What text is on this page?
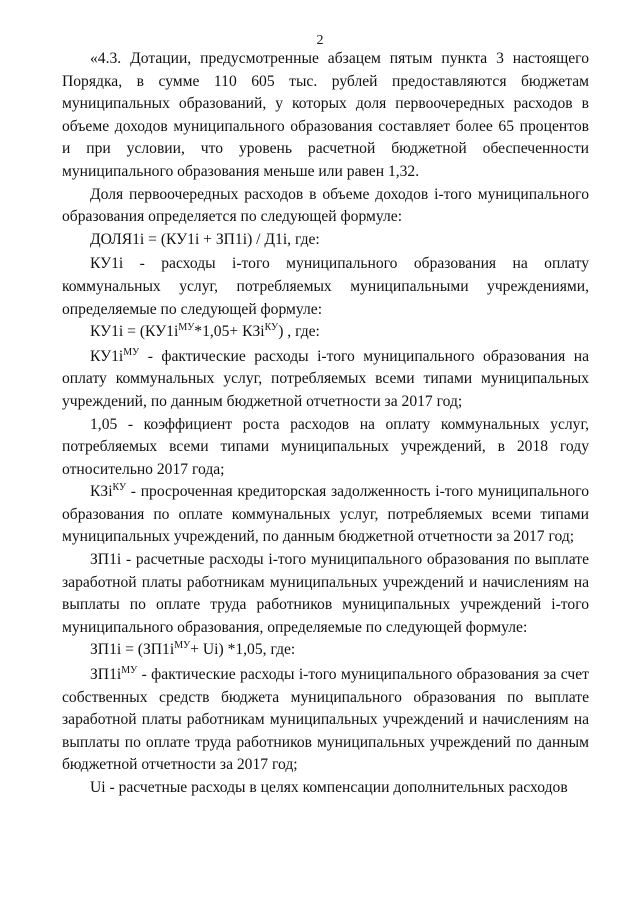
2

«4.3. Дотации, предусмотренные абзацем пятым пункта 3 настоящего Порядка, в сумме 110 605 тыс. рублей предоставляются бюджетам муниципальных образований, у которых доля первоочередных расходов в объеме доходов муниципального образования составляет более 65 процентов и при условии, что уровень расчетной бюджетной обеспеченности муниципального образования меньше или равен 1,32.

Доля первоочередных расходов в объеме доходов i-того муниципального образования определяется по следующей формуле:

ДОЛЯ1i = (КУ1i + ЗП1i) / Д1i, где:

КУ1i - расходы i-того муниципального образования на оплату коммунальных услуг, потребляемых муниципальными учреждениями, определяемые по следующей формуле:

$КУ1i = (КУ1i^{МУ}*1,05+ КЗi^{КУ})$ , где:

$КУ1i^{МУ}$ - фактические расходы i-того муниципального образования на оплату коммунальных услуг, потребляемых всеми типами муниципальных учреждений, по данным бюджетной отчетности за 2017 год;

1,05 - коэффициент роста расходов на оплату коммунальных услуг, потребляемых всеми типами муниципальных учреждений, в 2018 году относительно 2017 года;

КЗi$^{КУ}$ - просроченная кредиторская задолженность i-того муниципального образования по оплате коммунальных услуг, потребляемых всеми типами муниципальных учреждений, по данным бюджетной отчетности за 2017 год;

ЗП1i - расчетные расходы i-того муниципального образования по выплате заработной платы работникам муниципальных учреждений и начислениям на выплаты по оплате труда работников муниципальных учреждений i-того муниципального образования, определяемые по следующей формуле:

$ЗП1i = (ЗП1i^{МУ}+ Ui)$ *1,05, где:

$ЗП1i^{МУ}$ - фактические расходы i-того муниципального образования за счет собственных средств бюджета муниципального образования по выплате заработной платы работникам муниципальных учреждений и начислениям на выплаты по оплате труда работников муниципальных учреждений по данным бюджетной отчетности за 2017 год;

Ui - расчетные расходы в целях компенсации дополнительных расходов
